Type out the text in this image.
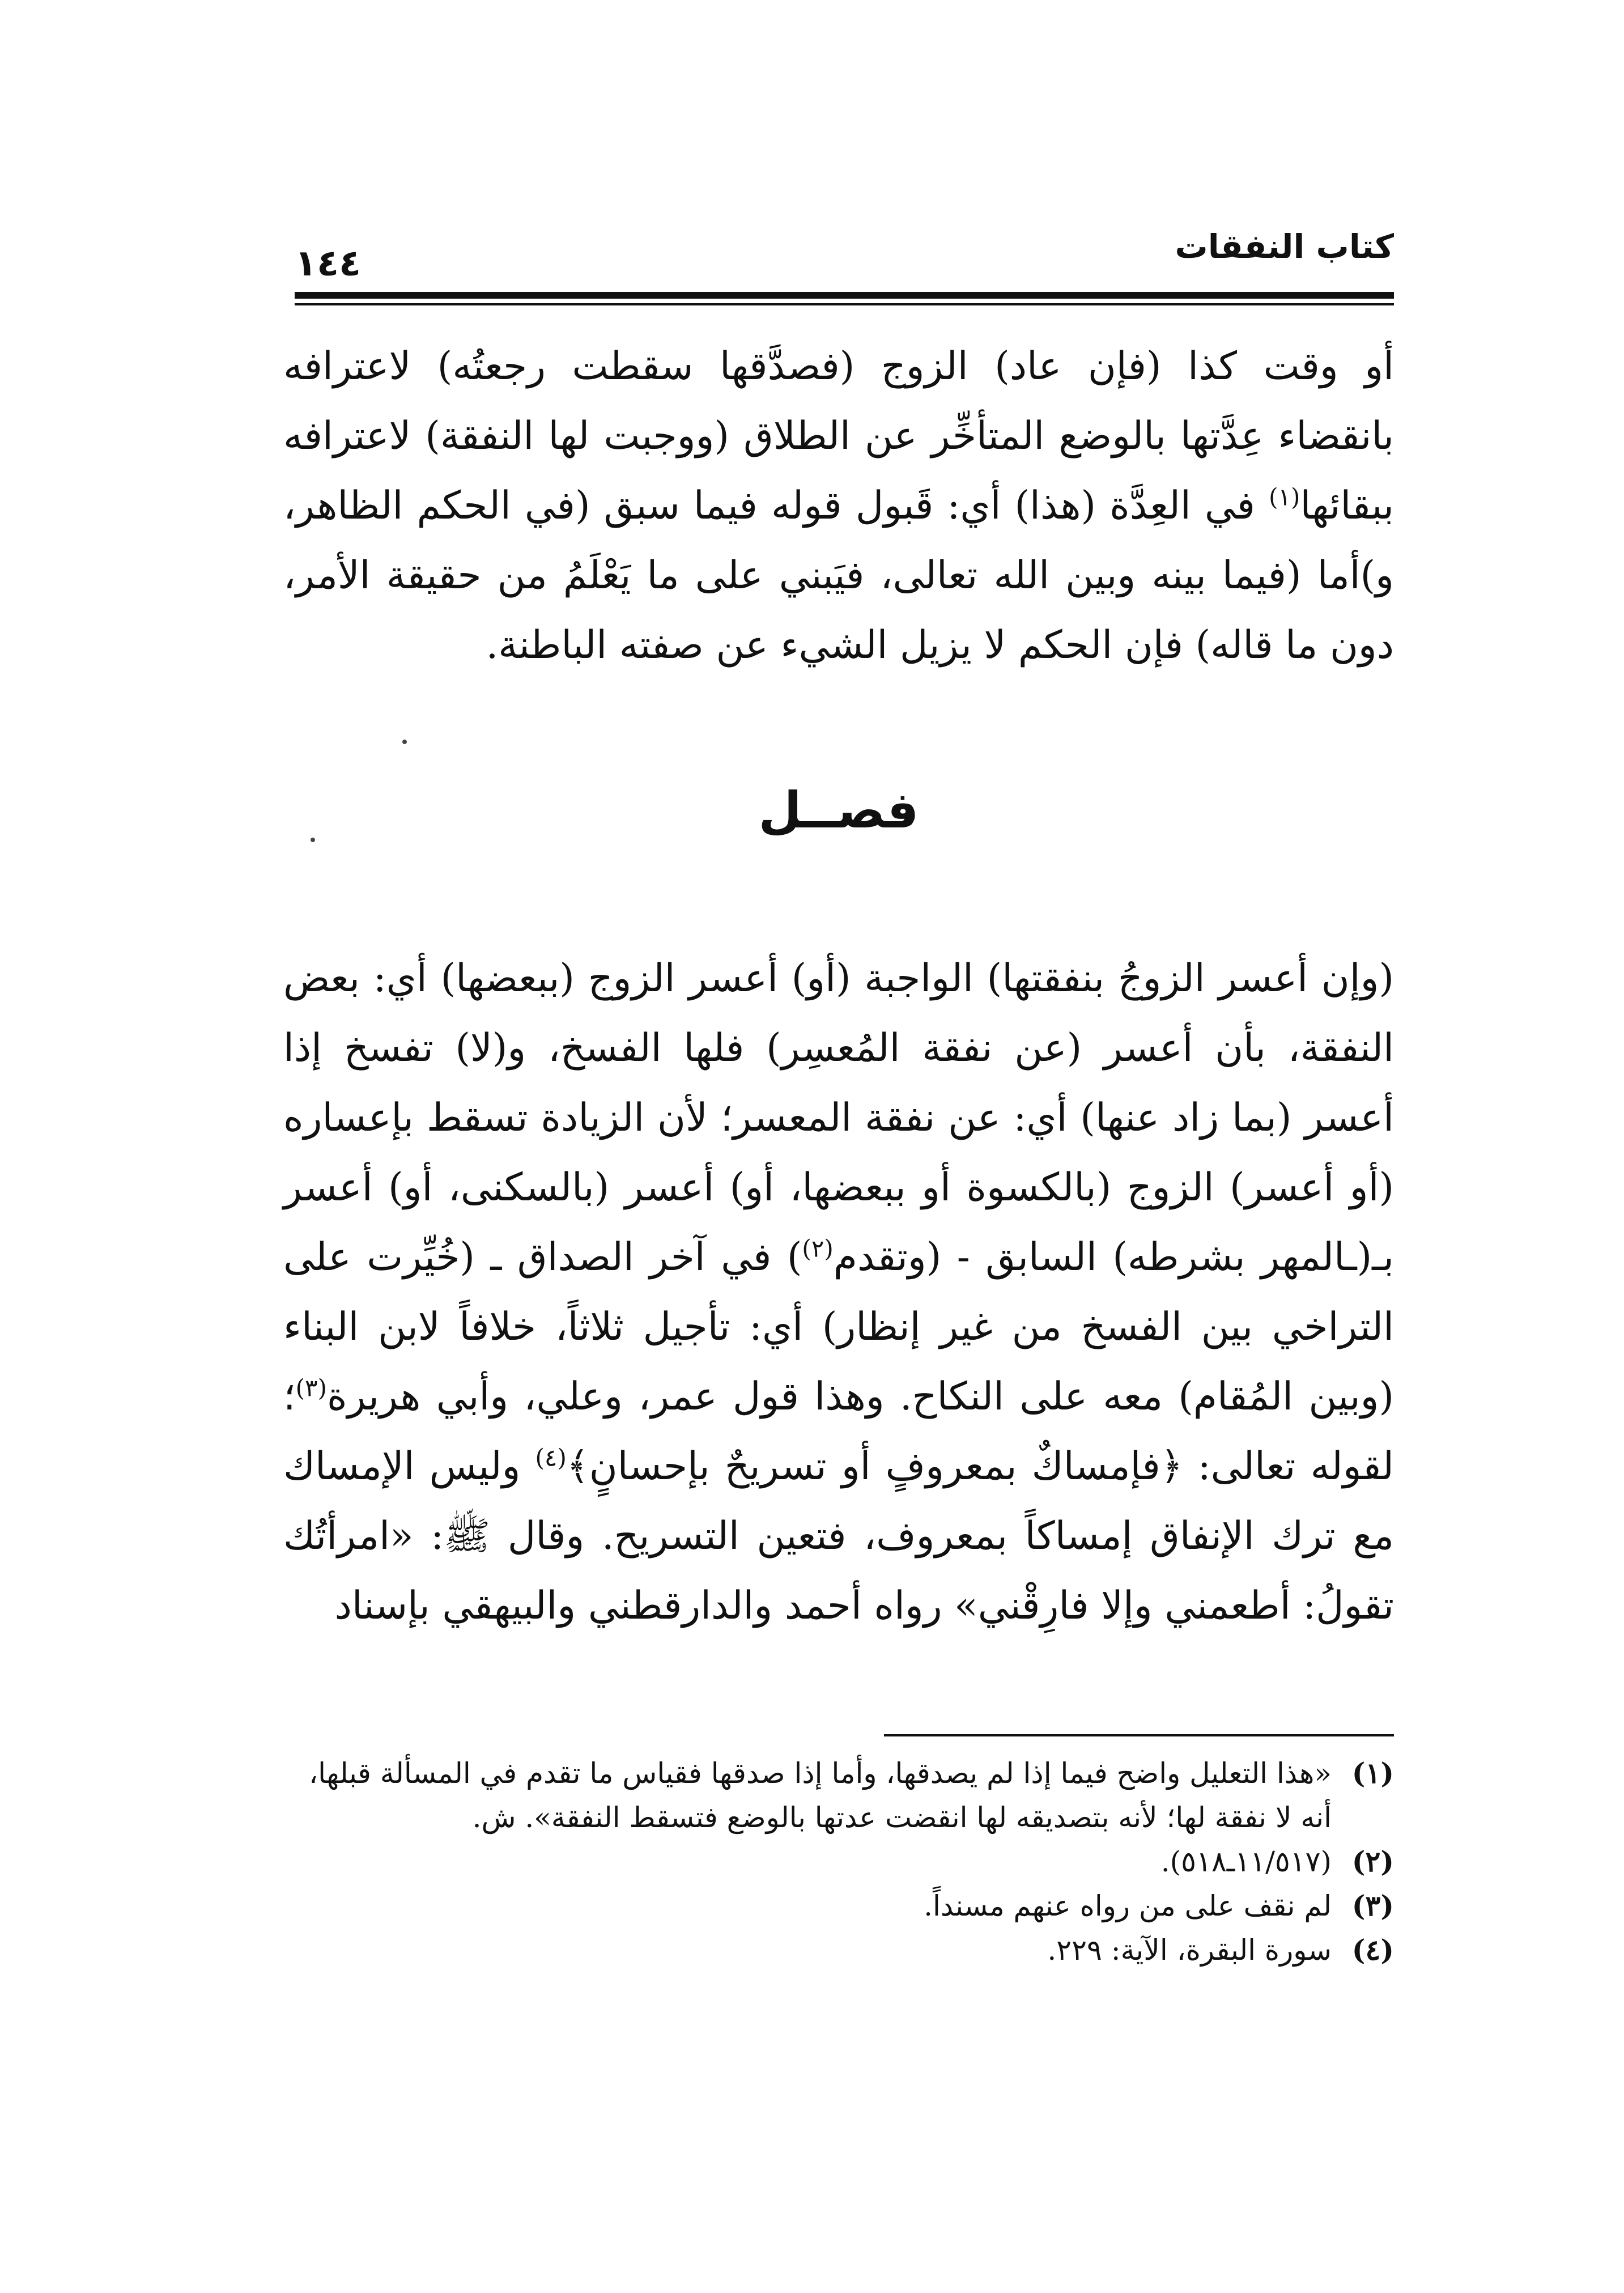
١٤٤	كتاب النفقات

أو وقت كذا (فإن عاد) الزوج (فصدَّقها سقطت رجعتُه) لاعترافه بانقضاء عِدَّتها بالوضع المتأخِّر عن الطلاق (ووجبت لها النفقة) لاعترافه ببقائها$^{(١)}$ في العِدَّة (هذا) أي: قَبول قوله فيما سبق (في الحكم الظاهر، و)أما (فيما بينه وبين الله تعالى، فيَبني على ما يَعْلَمُ من حقيقة الأمر، دون ما قاله) فإن الحكم لا يزيل الشيء عن صفته الباطنة.

فصــل

(وإن أعسر الزوجُ بنفقتها) الواجبة (أو) أعسر الزوج (ببعضها) أي: بعض النفقة، بأن أعسر (عن نفقة المُعسِر) فلها الفسخ، و(لا) تفسخ إذا أعسر (بما زاد عنها) أي: عن نفقة المعسر؛ لأن الزيادة تسقط بإعساره (أو أعسر) الزوج (بالكسوة أو ببعضها، أو) أعسر (بالسكنى، أو) أعسر بـ(ـالمهر بشرطه) السابق - (وتقدم$^{(٢)}$) في آخر الصداق ـ (خُيِّرت على التراخي بين الفسخ من غير إنظار) أي: تأجيل ثلاثاً، خلافاً لابن البناء (وبين المُقام) معه على النكاح. وهذا قول عمر، وعلي، وأبي هريرة$^{(٣)}$؛ لقوله تعالى: ﴿فإمساكٌ بمعروفٍ أو تسريحٌ بإحسانٍ﴾$^{(٤)}$ وليس الإمساك مع ترك الإنفاق إمساكاً بمعروف، فتعين التسريح. وقال ﷺ: «امرأتُك تقولُ: أطعمني وإلا فارِقْني» رواه أحمد والدارقطني والبيهقي بإسناد

(١)
«هذا التعليل واضح فيما إذا لم يصدقها، وأما إذا صدقها فقياس ما تقدم في المسألة قبلها، أنه لا نفقة لها؛ لأنه بتصديقه لها انقضت عدتها بالوضع فتسقط النفقة». ش.

(٢)
(١١/٥١٧ـ٥١٨).

(٣)
لم نقف على من رواه عنهم مسنداً.

(٤)
سورة البقرة، الآية: ٢٢٩.
